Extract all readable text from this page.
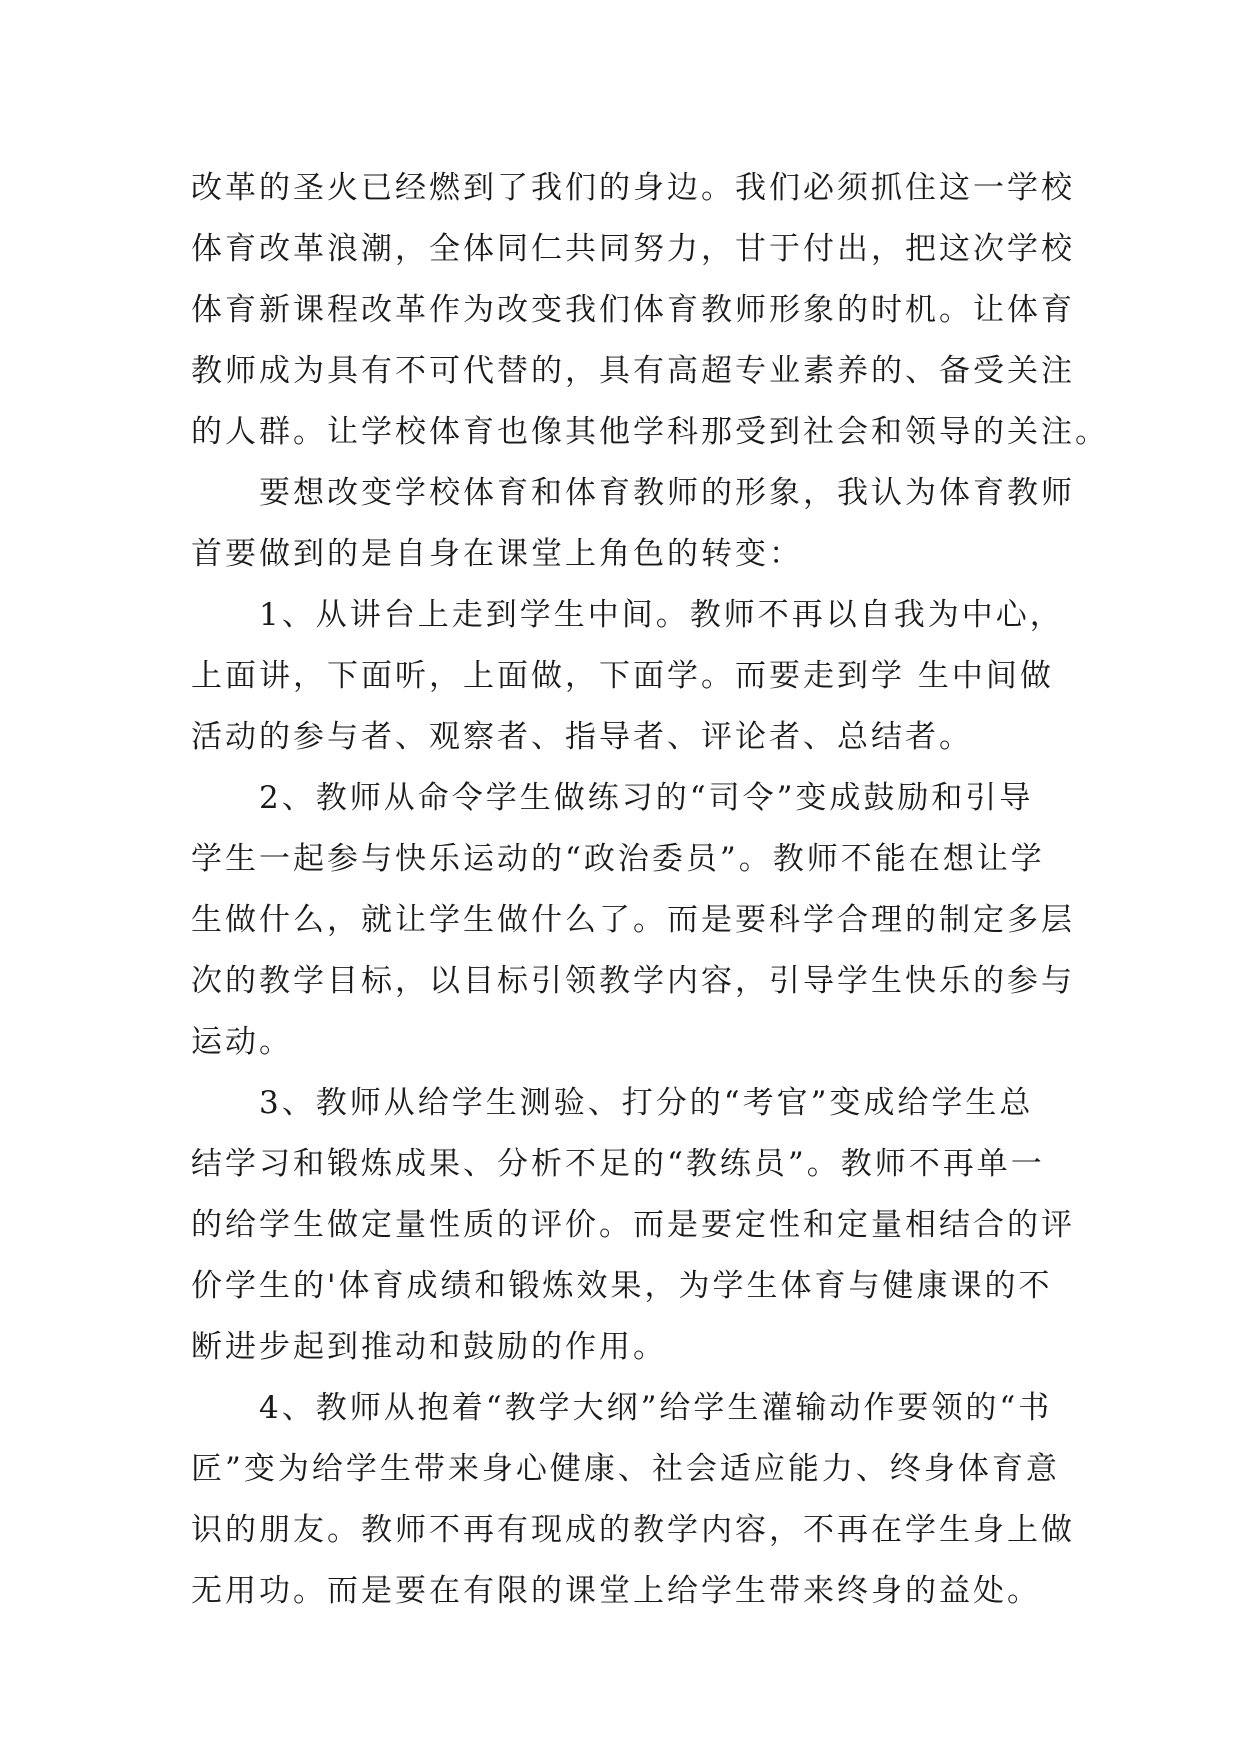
改革的圣火已经燃到了我们的身边。我们必须抓住这一学校
体育改革浪潮，全体同仁共同努力，甘于付出，把这次学校
体育新课程改革作为改变我们体育教师形象的时机。让体育
教师成为具有不可代替的，具有高超专业素养的、备受关注
的人群。让学校体育也像其他学科那受到社会和领导的关注。
　　要想改变学校体育和体育教师的形象，我认为体育教师
首要做到的是自身在课堂上角色的转变：
　　1、从讲台上走到学生中间。教师不再以自我为中心，
上面讲，下面听，上面做，下面学。而要走到学 生中间做
活动的参与者、观察者、指导者、评论者、总结者。
　　2、教师从命令学生做练习的“司令”变成鼓励和引导
学生一起参与快乐运动的“政治委员”。教师不能在想让学
生做什么，就让学生做什么了。而是要科学合理的制定多层
次的教学目标，以目标引领教学内容，引导学生快乐的参与
运动。
　　3、教师从给学生测验、打分的“考官”变成给学生总
结学习和锻炼成果、分析不足的“教练员”。教师不再单一
的给学生做定量性质的评价。而是要定性和定量相结合的评
价学生的'体育成绩和锻炼效果，为学生体育与健康课的不
断进步起到推动和鼓励的作用。
　　4、教师从抱着“教学大纲”给学生灌输动作要领的“书
匠”变为给学生带来身心健康、社会适应能力、终身体育意
识的朋友。教师不再有现成的教学内容，不再在学生身上做
无用功。而是要在有限的课堂上给学生带来终身的益处。
